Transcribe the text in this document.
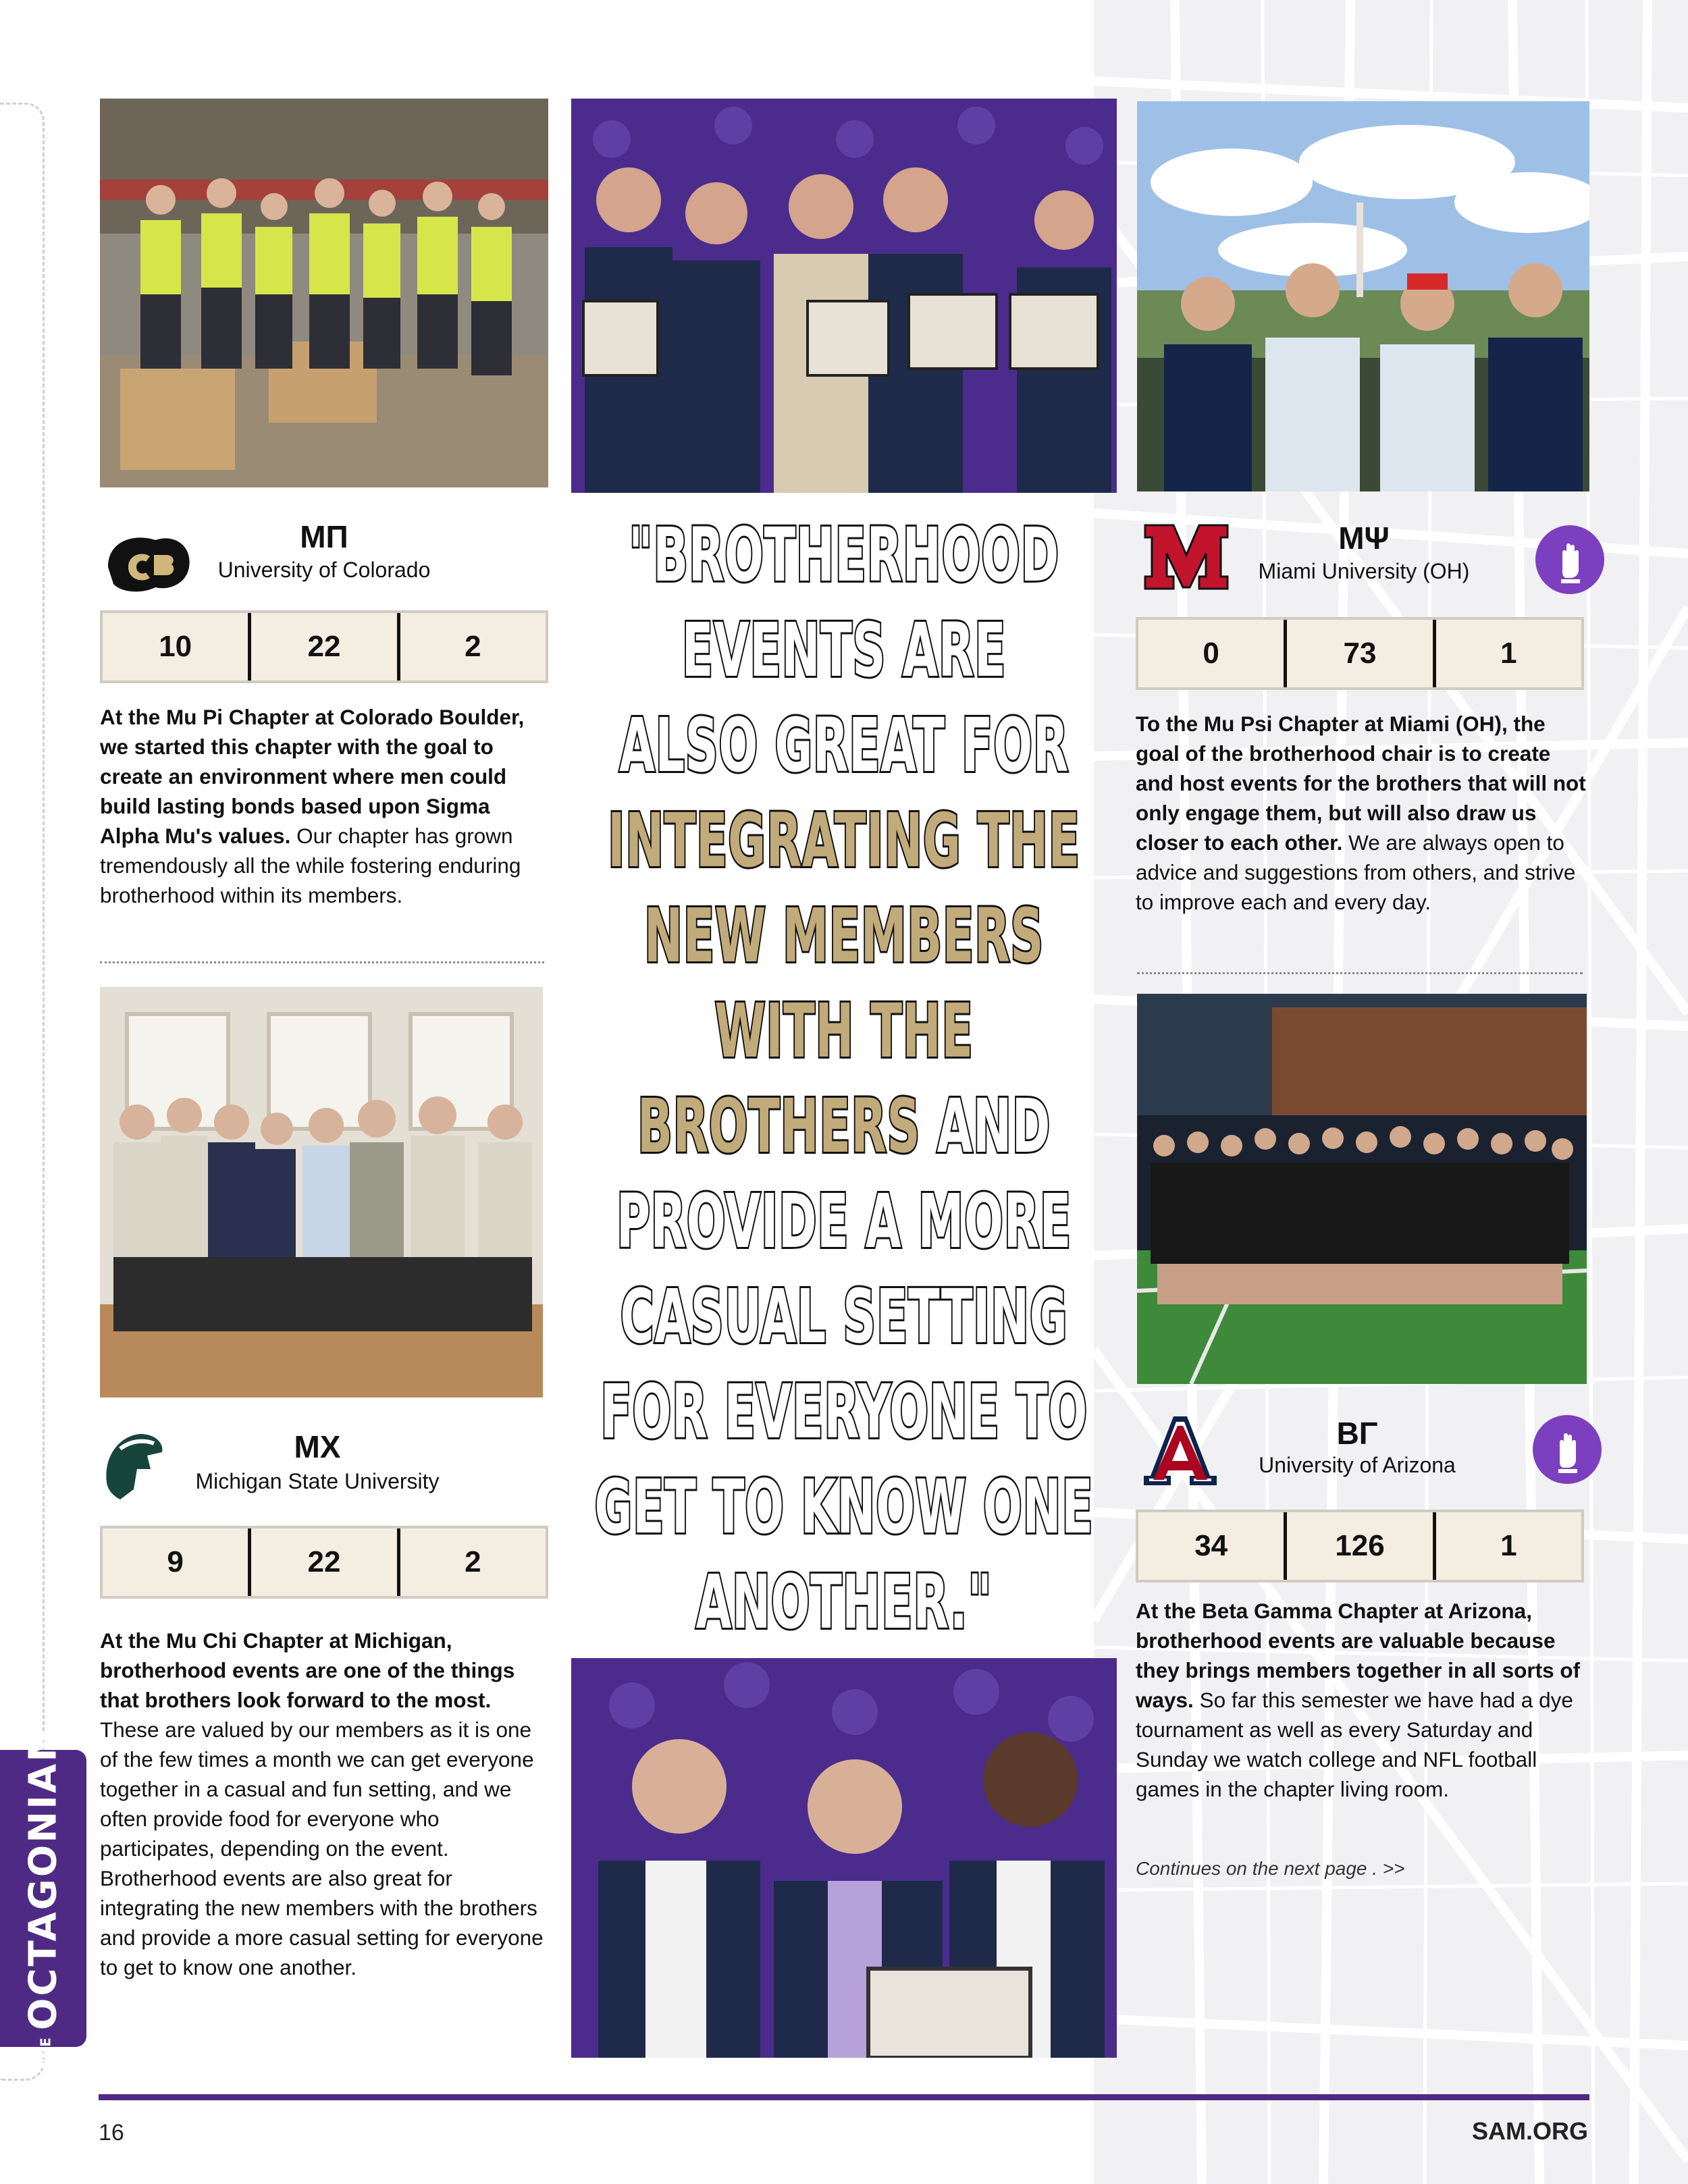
THEOCTAGONIAN
ΜΠ
University of Colorado
10	22	2
At the Mu Pi Chapter at Colorado Boulder, we started this chapter with the goal to create an environment where men could build lasting bonds based upon Sigma Alpha Mu's values. Our chapter has grown tremendously all the while fostering enduring brotherhood within its members.
ΜΧ
Michigan State University
9	22	2
At the Mu Chi Chapter at Michigan, brotherhood events are one of the things that brothers look forward to the most. These are valued by our members as it is one of the few times a month we can get everyone together in a casual and fun setting, and we often provide food for everyone who participates, depending on the event. Brotherhood events are also great for integrating the new members with the brothers and provide a more casual setting for everyone to get to know one another.
ΜΨ
Miami University (OH)
0	73	1
To the Mu Psi Chapter at Miami (OH), the goal of the brotherhood chair is to create and host events for the brothers that will not only engage them, but will also draw us closer to each other. We are always open to advice and suggestions from others, and strive to improve each and every day.
ΒΓ
University of Arizona
34	126	1
At the Beta Gamma Chapter at Arizona, brotherhood events are valuable because they brings members together in all sorts of ways. So far this semester we have had a dye tournament as well as every Saturday and Sunday we watch college and NFL football games in the chapter living room.
Continues on the next page . >>
"BROTHERHOOD
EVENTS ARE
ALSO GREAT FOR
INTEGRATING THE
NEW MEMBERS
WITH THE
BROTHERS AND
PROVIDE A MORE
CASUAL SETTING
FOR EVERYONE TO
GET TO KNOW ONE
ANOTHER."
16	SAM.ORG
